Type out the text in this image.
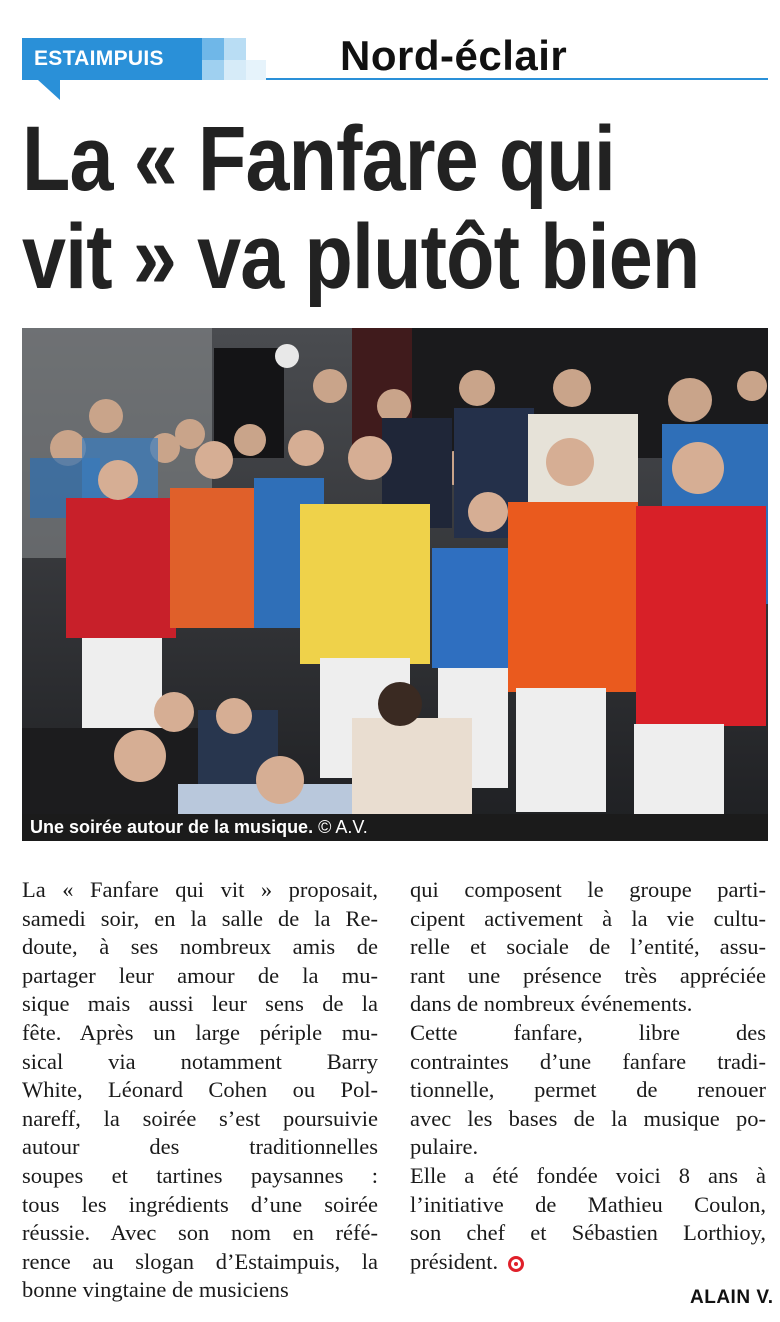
ESTAIMPUIS	Nord-éclair
La « Fanfare qui
vit » va plutôt bien
Une soirée autour de la musique. © A.V.
La « Fanfare qui vit » proposait,
samedi soir, en la salle de la Re-
doute, à ses nombreux amis de
partager leur amour de la mu-
sique mais aussi leur sens de la
fête. Après un large périple mu-
sical via notamment Barry
White, Léonard Cohen ou Pol-
nareff, la soirée s’est poursuivie
autour des traditionnelles
soupes et tartines paysannes :
tous les ingrédients d’une soirée
réussie. Avec son nom en réfé-
rence au slogan d’Estaimpuis, la
bonne vingtaine de musiciens
qui composent le groupe parti-
cipent activement à la vie cultu-
relle et sociale de l’entité, assu-
rant une présence très appréciée
dans de nombreux événements.
Cette fanfare, libre des
contraintes d’une fanfare tradi-
tionnelle, permet de renouer
avec les bases de la musique po-
pulaire.
Elle a été fondée voici 8 ans à
l’initiative de Mathieu Coulon,
son chef et Sébastien Lorthioy,
président.
ALAIN V.
